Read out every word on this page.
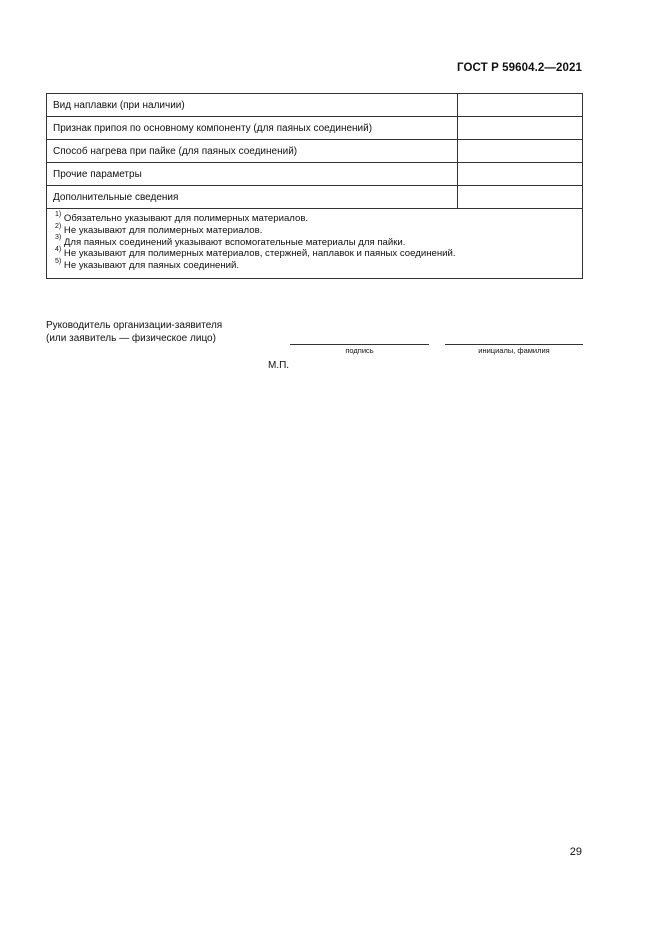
ГОСТ Р 59604.2—2021
Вид наплавки (при наличии)	
Признак припоя по основному компоненту (для паяных соединений)	
Способ нагрева при пайке (для паяных соединений)	
Прочие параметры	
Дополнительные сведения	

$^{1)}$ Обязательно указывают для полимерных материалов.
$^{2)}$ Не указывают для полимерных материалов.
$^{3)}$ Для паяных соединений указывают вспомогательные материалы для пайки.
$^{4)}$ Не указывают для полимерных материалов, стержней, наплавок и паяных соединений.
$^{5)}$ Не указывают для паяных соединений.	
Руководитель организации-заявителя
(или заявитель — физическое лицо)
подпись	инициалы, фамилия
М.П.
29
